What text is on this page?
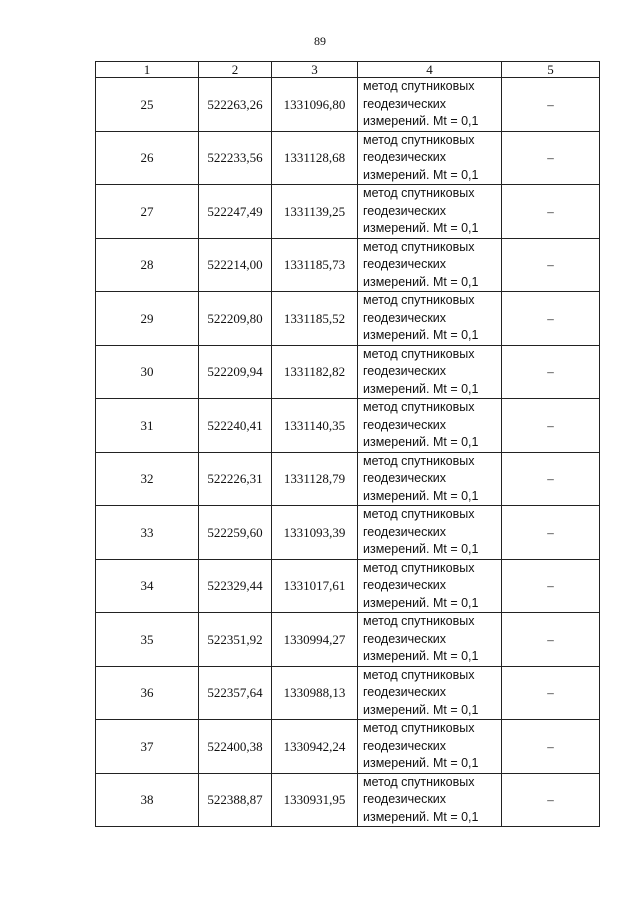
89
1	2	3	4	5
25	522263,26	1331096,80	метод спутниковых геодезических измерений. Mt = 0,1	–
26	522233,56	1331128,68	метод спутниковых геодезических измерений. Mt = 0,1	–
27	522247,49	1331139,25	метод спутниковых геодезических измерений. Mt = 0,1	–
28	522214,00	1331185,73	метод спутниковых геодезических измерений. Mt = 0,1	–
29	522209,80	1331185,52	метод спутниковых геодезических измерений. Mt = 0,1	–
30	522209,94	1331182,82	метод спутниковых геодезических измерений. Mt = 0,1	–
31	522240,41	1331140,35	метод спутниковых геодезических измерений. Mt = 0,1	–
32	522226,31	1331128,79	метод спутниковых геодезических измерений. Mt = 0,1	–
33	522259,60	1331093,39	метод спутниковых геодезических измерений. Mt = 0,1	–
34	522329,44	1331017,61	метод спутниковых геодезических измерений. Mt = 0,1	–
35	522351,92	1330994,27	метод спутниковых геодезических измерений. Mt = 0,1	–
36	522357,64	1330988,13	метод спутниковых геодезических измерений. Mt = 0,1	–
37	522400,38	1330942,24	метод спутниковых геодезических измерений. Mt = 0,1	–
38	522388,87	1330931,95	метод спутниковых геодезических измерений. Mt = 0,1	–
